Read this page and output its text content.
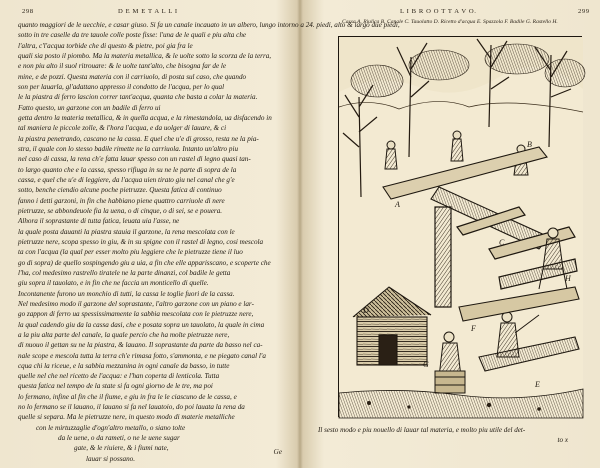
298	D E M E T A L L I
quanto maggiori de le uecchie, e casar giuso. Si fa un canale incauato in un albero, lungo intorno a 24. piedi, alto & largo due piedi,
sotto in tre caselle da tre tauole colle poste fisse: l'una de le quali e piu alta che
l'altra, c'l'acqua torbide che di questo & pietre, poi gia fra le
quali sia posto il piombo. Ma la materia metallica, & le uolte sotto la scorza de la terra,
e non piu alto il suol ritrouare: & le uolte tant'alto, che bisogna far de le
mine, e de pozzi. Questa materia con il carriuolo, di posta sul caso, che quando
son per lauarla, gl'adattano appresso il condotto de l'acqua, per lo qual
le la piastra di ferro lascion correr tant'acqua, quanta che basta a colar la materia.
Fatto questo, un garzone con un badile di ferro ui
getta dentro la materia metallica, & in quella acqua, e la rimestandola, ua disfacendo in
tal maniera le piccole zolle, & l'hora l'acqua, e da uolger di lauare, & ci
la piastra penetrando, cascano ne la cassa. E quel che u'e di grosso, resta ne la pia-
stra, il quale con lo stesso badile rimette ne la carriuola. Intanto un'altro piu
nel caso di cassa, la rena ch'e fatta lauar spesso con un rastel di legno quasi tan-
to largo quanto che e la cassa, spesso rifiuga in su ne le parte di sopra de la
cassa, e quel che u'e di leggiere, da l'acqua uien tirato giu nel canal che g'e
sotto, benche ciendio alcune poche pietruzze. Questa fatica di continuo
fanno i detti garzoni, in fin che habbiano piene quattro carriuole di nere
pietruzze, se abbondeuole fia la uena, o di cinque, o di sei, se e pouera.
Alhora il soprastante di tutta fatica, leuata uia l'asse, ne
la quale posta dauanti la piastra stauia il garzone, la rena mescolata con le
pietruzze nere, scopa spesso in giu, & in su spigne con il rastel di legno, cosi mescola
ta con l'acqua (la qual per esser molto piu leggiere che le pietruzze tiene il luo
go di sopra) de quello sospingendo giu a uia, a fin che elle apparisscano, e scoperte che
l'ha, col medesimo rastrello tiratele ne la parte dinanzi, col badile le getta
giu sopra il tauolato, e in fin che ne faccia un monticello di quelle.
Incontanente furono un monchio di tutti, la cassa le toglie fuori de la cassa.
Nel medesimo modo il garzone del soprastante, l'altro garzone con un piano e lar-
go zappon di ferro ua spessissimamente la sabbia mescolata con le pietruzze nere,
la qual cadendo giu da la cassa dasi, che e posata sopra un tauolato, la quale in cima
a la piu alta parte del canale, la quale percio che ha molte pietruzze nere,
di nuouo il gettan su ne la piastra, & lauano. Il soprastante da parte da basso nel ca-
nale scope e mescola tutta la terra ch'e rimasa fotto, s'ammonta, e ne piegato canal l'a
cqua chi la riceue, e la sabbia mezzanina in ogni canale da basso, in tutte
quelle nel che nel ricetto de l'acqua: e l'han coperta di lenticola. Tutta
questa fatica nel tempo de la state si fa ogni giorno de le tre, ma poi
lo fermano, infine al fin che il fiume, e giu in fra le le ciascuno de le cassa, e
no lo fermano se il lauano, il lauano si fa nel lauatoio, do poi lauata la rena da
quelle si separa. Ma le pietruzze nere, in questo modo di materie metalliche
con le mirtuzzaglie d'ogn'altro metallo, o siano tolte
da le uene, o da rameti, o ne le uene sugar
gate, & le riuiere, & i fiumi nate,
lauar si possano.
Ge
L I B R O O T T A V O.	299
Cassa A. Riulica B. Canale C. Tauolatto D. Ricetto d'acqua E. Spazzola F. Badile G. Rastello H.
A
B
C
D
E
F
G
H
Il sesto modo e piu nouello di lauar tal materia, e molto piu utile del det-
to x
